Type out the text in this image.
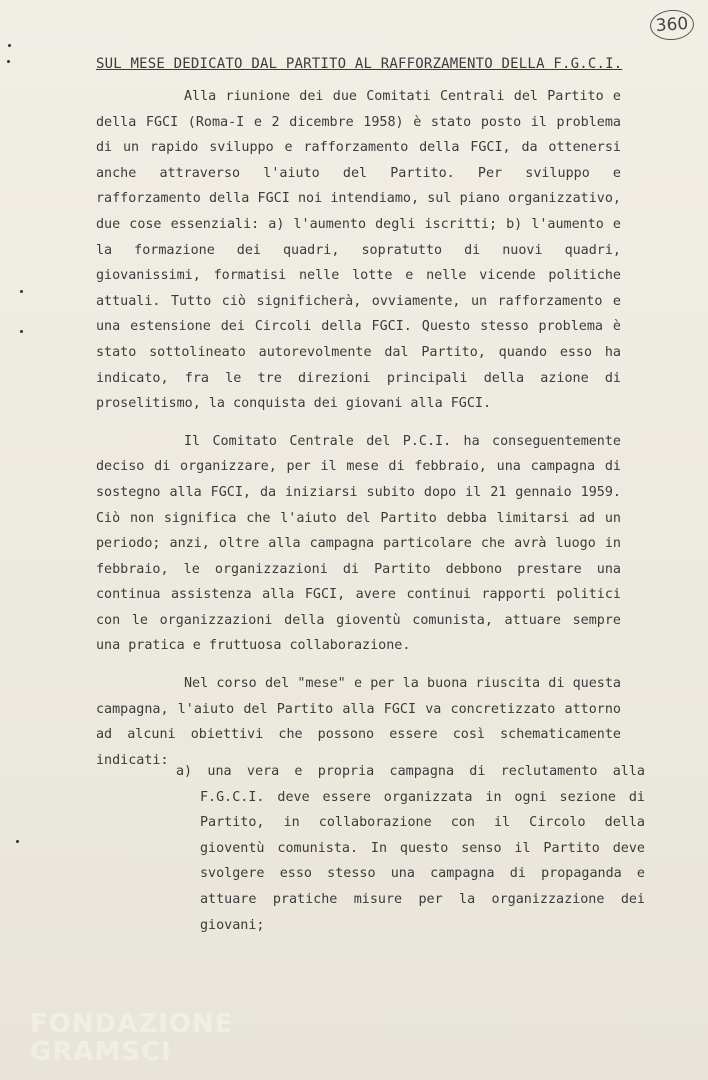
360
SUL MESE DEDICATO DAL PARTITO AL RAFFORZAMENTO DELLA F.G.C.I.

Alla riunione dei due Comitati Centrali del Partito e della FGCI (Roma-I e 2 dicembre 1958) è stato posto il problema di un rapido sviluppo e rafforzamento della FGCI, da ottenersi anche attraverso l'aiuto del Partito. Per sviluppo e rafforzamento della FGCI noi intendiamo, sul piano organizzativo, due cose essenziali: a) l'aumento degli iscritti; b) l'aumento e la formazione dei quadri, sopratutto di nuovi quadri, giovanissimi, formatisi nelle lotte e nelle vicende politiche attuali. Tutto ciò significherà, ovviamente, un rafforzamento e una estensione dei Circoli della FGCI. Questo stesso problema è stato sottolineato autorevolmente dal Partito, quando esso ha indicato, fra le tre direzioni principali della azione di proselitismo, la conquista dei giovani alla FGCI.

Il Comitato Centrale del P.C.I. ha conseguentemente deciso di organizzare, per il mese di febbraio, una campagna di sostegno alla FGCI, da iniziarsi subito dopo il 21 gennaio 1959. Ciò non significa che l'aiuto del Partito debba limitarsi ad un periodo; anzi, oltre alla campagna particolare che avrà luogo in febbraio, le organizzazioni di Partito debbono prestare una continua assistenza alla FGCI, avere continui rapporti politici con le organizzazioni della gioventù comunista, attuare sempre una pratica e fruttuosa collaborazione.

Nel corso del "mese" e per la buona riuscita di questa campagna, l'aiuto del Partito alla FGCI va concretizzato attorno ad alcuni obiettivi che possono essere così schematicamente indicati:

a) una vera e propria campagna di reclutamento alla F.G.C.I. deve essere organizzata in ogni sezione di Partito, in collaborazione con il Circolo della gioventù comunista. In questo senso il Partito deve svolgere esso stesso una campagna di propaganda e attuare pratiche misure per la organizzazione dei giovani;
FONDAZIONE
GRAMSCI
